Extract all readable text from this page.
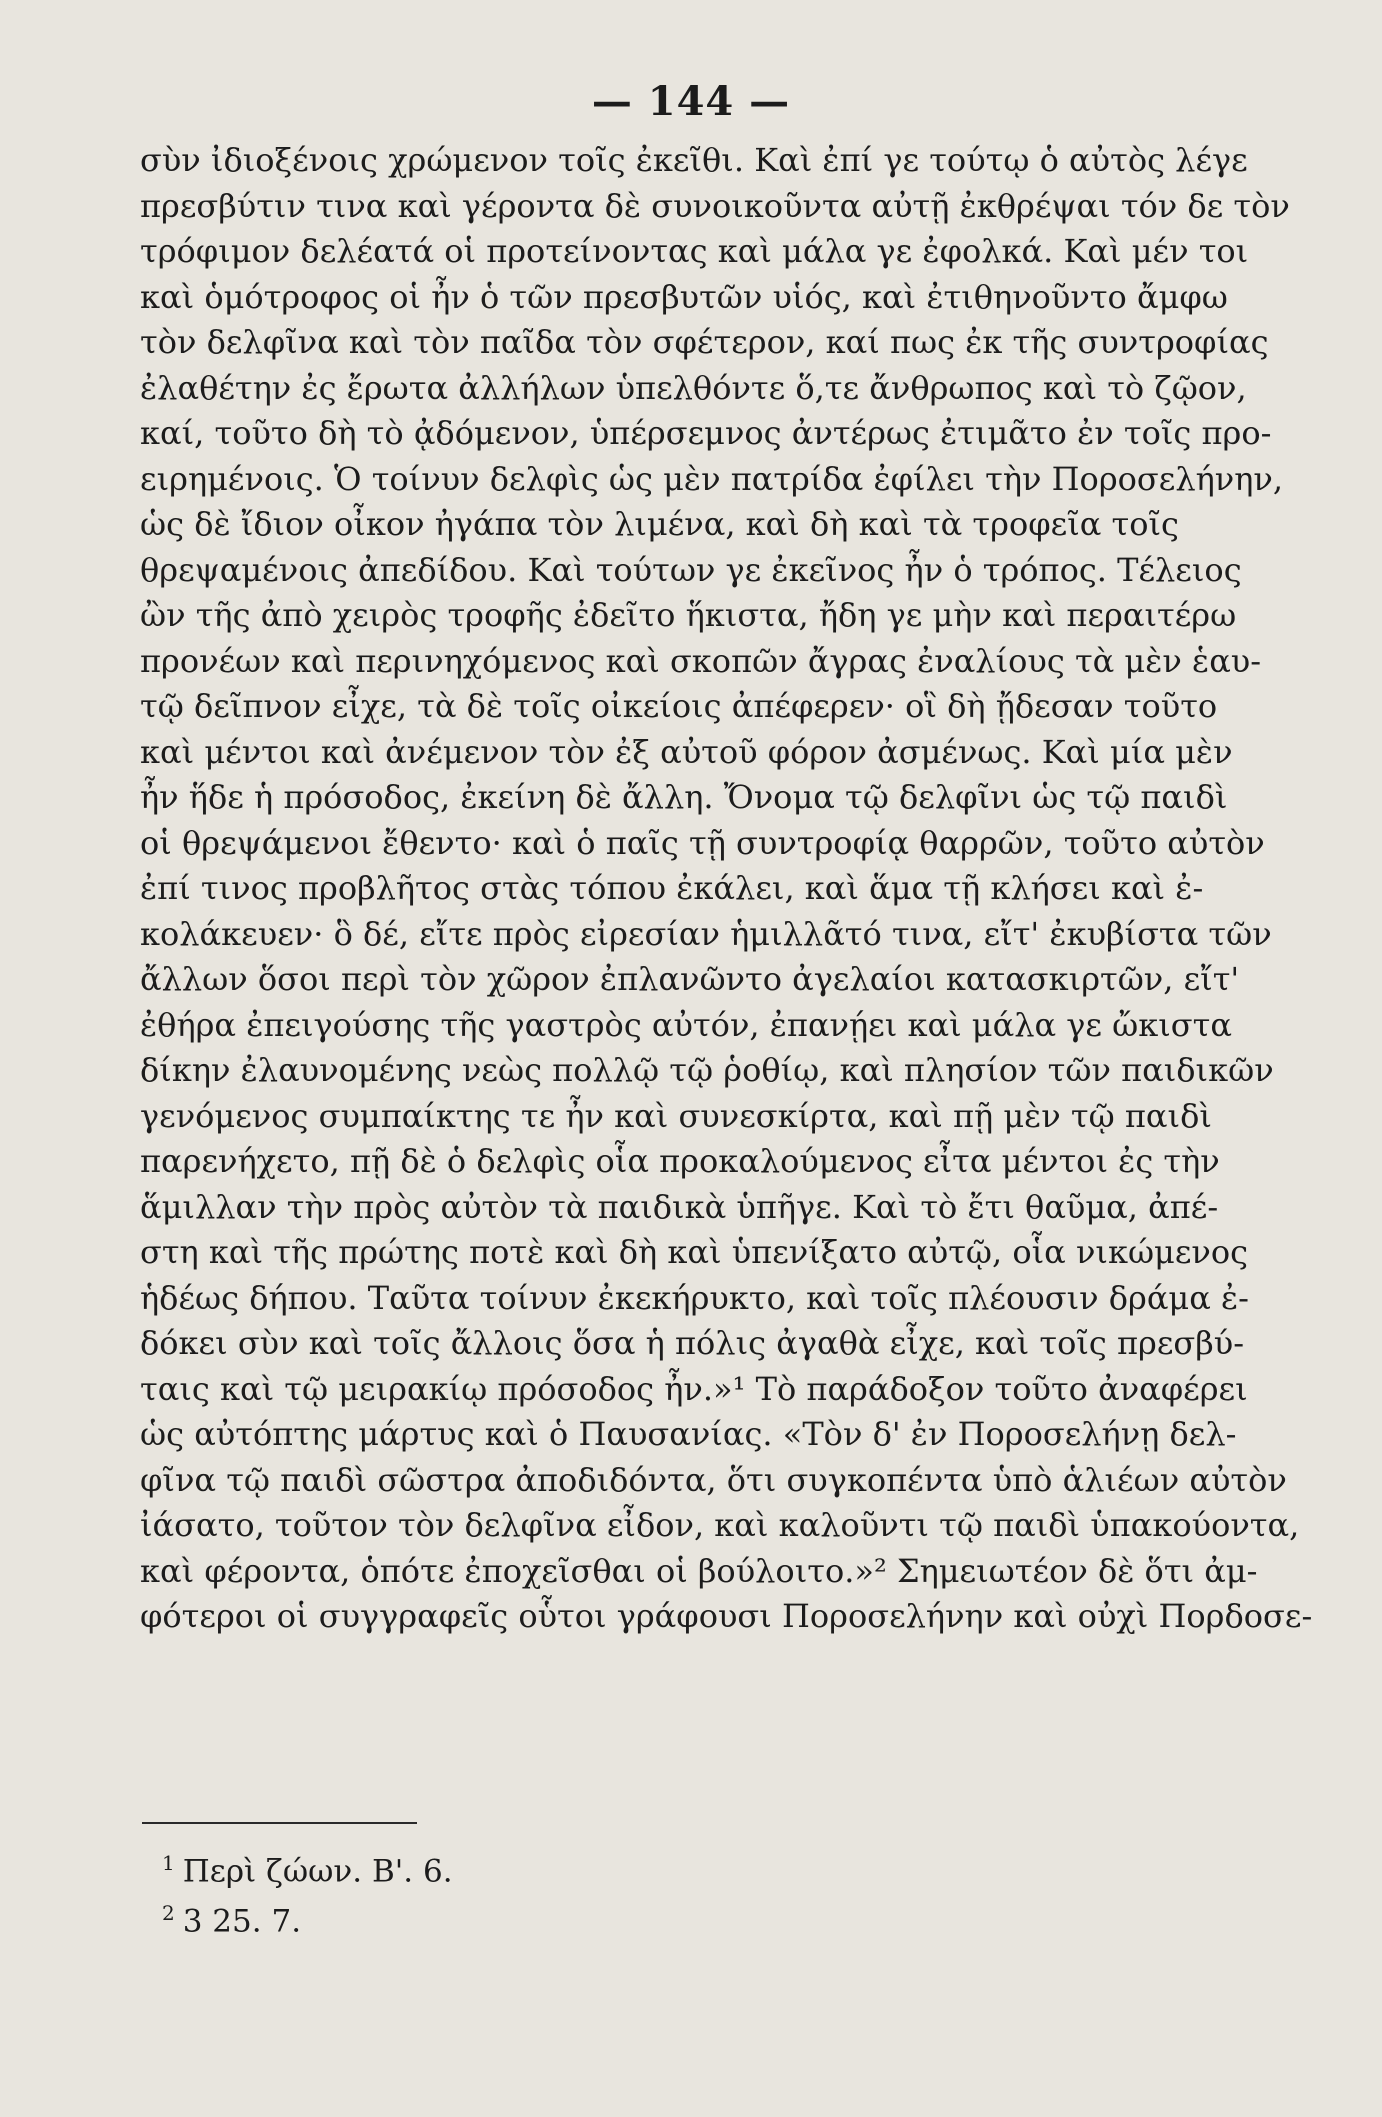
— 144 —
σὺν ἰδιοξένοις χρώμενον τοῖς ἐκεῖθι. Καὶ ἐπί γε τούτῳ ὁ αὐτὸς λέγε
πρεσβύτιν τινα καὶ γέροντα δὲ συνοικοῦντα αὐτῇ ἐκθρέψαι τόν δε τὸν
τρόφιμον δελέατά οἱ προτείνοντας καὶ μάλα γε ἐφολκά. Καὶ μέν τοι
καὶ ὁμότροφος οἱ ἦν ὁ τῶν πρεσβυτῶν υἱός, καὶ ἐτιθηνοῦντο ἄμφω
τὸν δελφῖνα καὶ τὸν παῖδα τὸν σφέτερον, καί πως ἐκ τῆς συντροφίας
ἐλαθέτην ἐς ἔρωτα ἀλλήλων ὑπελθόντε ὅ,τε ἄνθρωπος καὶ τὸ ζῷον,
καί, τοῦτο δὴ τὸ ᾀδόμενον, ὑπέρσεμνος ἀντέρως ἐτιμᾶτο ἐν τοῖς προ-
ειρημένοις. Ὁ τοίνυν δελφὶς ὡς μὲν πατρίδα ἐφίλει τὴν Ποροσελήνην,
ὡς δὲ ἴδιον οἶκον ἠγάπα τὸν λιμένα, καὶ δὴ καὶ τὰ τροφεῖα τοῖς
θρεψαμένοις ἀπεδίδου. Καὶ τούτων γε ἐκεῖνος ἦν ὁ τρόπος. Τέλειος
ὢν τῆς ἀπὸ χειρὸς τροφῆς ἐδεῖτο ἥκιστα, ἤδη γε μὴν καὶ περαιτέρω
προνέων καὶ περινηχόμενος καὶ σκοπῶν ἄγρας ἐναλίους τὰ μὲν ἑαυ-
τῷ δεῖπνον εἶχε, τὰ δὲ τοῖς οἰκείοις ἀπέφερεν· οἳ δὴ ᾔδεσαν τοῦτο
καὶ μέντοι καὶ ἀνέμενον τὸν ἐξ αὐτοῦ φόρον ἀσμένως. Καὶ μία μὲν
ἦν ἥδε ἡ πρόσοδος, ἐκείνη δὲ ἄλλη. Ὄνομα τῷ δελφῖνι ὡς τῷ παιδὶ
οἱ θρεψάμενοι ἔθεντο· καὶ ὁ παῖς τῇ συντροφίᾳ θαρρῶν, τοῦτο αὐτὸν
ἐπί τινος προβλῆτος στὰς τόπου ἐκάλει, καὶ ἅμα τῇ κλήσει καὶ ἐ-
κολάκευεν· ὃ δέ, εἴτε πρὸς εἰρεσίαν ἡμιλλᾶτό τινα, εἴτ' ἐκυβίστα τῶν
ἄλλων ὅσοι περὶ τὸν χῶρον ἐπλανῶντο ἀγελαίοι κατασκιρτῶν, εἴτ'
ἐθήρα ἐπειγούσης τῆς γαστρὸς αὐτόν, ἐπανῄει καὶ μάλα γε ὤκιστα
δίκην ἐλαυνομένης νεὼς πολλῷ τῷ ῥοθίῳ, καὶ πλησίον τῶν παιδικῶν
γενόμενος συμπαίκτης τε ἦν καὶ συνεσκίρτα, καὶ πῇ μὲν τῷ παιδὶ
παρενήχετο, πῇ δὲ ὁ δελφὶς οἷα προκαλούμενος εἶτα μέντοι ἐς τὴν
ἅμιλλαν τὴν πρὸς αὐτὸν τὰ παιδικὰ ὑπῆγε. Καὶ τὸ ἔτι θαῦμα, ἀπέ-
στη καὶ τῆς πρώτης ποτὲ καὶ δὴ καὶ ὑπενίξατο αὐτῷ, οἷα νικώμενος
ἡδέως δήπου. Ταῦτα τοίνυν ἐκεκήρυκτο, καὶ τοῖς πλέουσιν δράμα ἐ-
δόκει σὺν καὶ τοῖς ἄλλοις ὅσα ἡ πόλις ἀγαθὰ εἶχε, καὶ τοῖς πρεσβύ-
ταις καὶ τῷ μειρακίῳ πρόσοδος ἦν.»¹ Τὸ παράδοξον τοῦτο ἀναφέρει
ὡς αὐτόπτης μάρτυς καὶ ὁ Παυσανίας. «Τὸν δ' ἐν Ποροσελήνῃ δελ-
φῖνα τῷ παιδὶ σῶστρα ἀποδιδόντα, ὅτι συγκοπέντα ὑπὸ ἁλιέων αὐτὸν
ἰάσατο, τοῦτον τὸν δελφῖνα εἶδον, καὶ καλοῦντι τῷ παιδὶ ὑπακούοντα,
καὶ φέροντα, ὁπότε ἐποχεῖσθαι οἱ βούλοιτο.»² Σημειωτέον δὲ ὅτι ἀμ-
φότεροι οἱ συγγραφεῖς οὗτοι γράφουσι Ποροσελήνην καὶ οὐχὶ Πορδοσε-
$^1$ Περὶ ζώων. Β'. 6.
$^2$ 3 25. 7.
